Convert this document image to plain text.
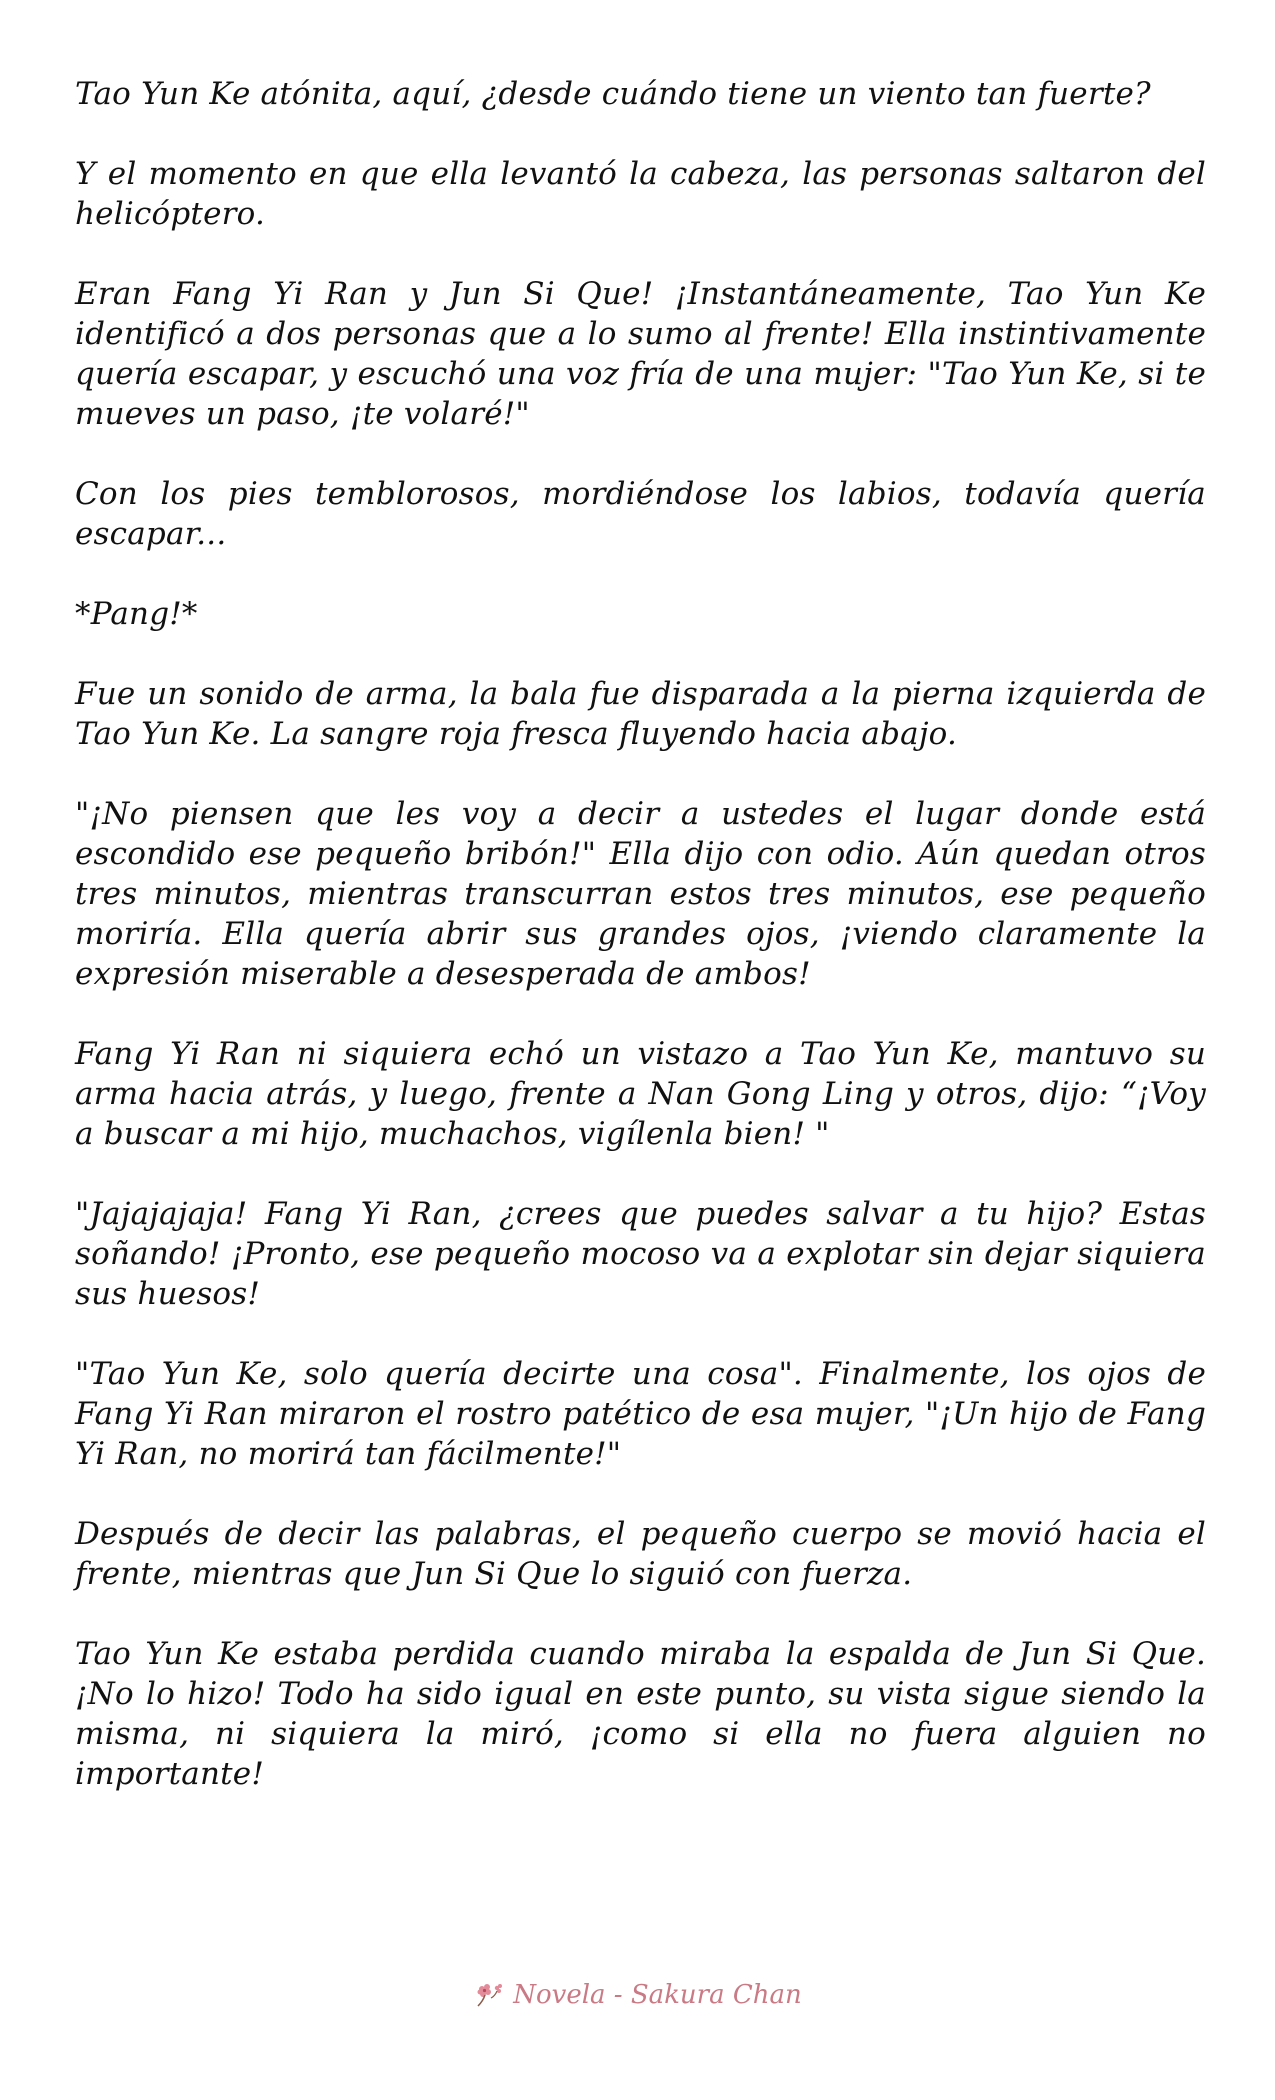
Tao Yun Ke atónita, aquí, ¿desde cuándo tiene un viento tan fuerte?

Y el momento en que ella levantó la cabeza, las personas saltaron del helicóptero.

Eran Fang Yi Ran y Jun Si Que! ¡Instantáneamente, Tao Yun Ke identificó a dos personas que a lo sumo al frente! Ella instintivamente quería escapar, y escuchó una voz fría de una mujer: "Tao Yun Ke, si te mueves un paso, ¡te volaré!"

Con los pies temblorosos, mordiéndose los labios, todavía quería escapar...

*Pang!*

Fue un sonido de arma, la bala fue disparada a la pierna izquierda de Tao Yun Ke. La sangre roja fresca fluyendo hacia abajo.

"¡No piensen que les voy a decir a ustedes el lugar donde está escondido ese pequeño bribón!" Ella dijo con odio. Aún quedan otros tres minutos, mientras transcurran estos tres minutos, ese pequeño moriría. Ella quería abrir sus grandes ojos, ¡viendo claramente la expresión miserable a desesperada de ambos!

Fang Yi Ran ni siquiera echó un vistazo a Tao Yun Ke, mantuvo su arma hacia atrás, y luego, frente a Nan Gong Ling y otros, dijo: “¡Voy a buscar a mi hijo, muchachos, vigílenla bien! "

"Jajajajaja! Fang Yi Ran, ¿crees que puedes salvar a tu hijo? Estas soñando! ¡Pronto, ese pequeño mocoso va a explotar sin dejar siquiera sus huesos!

"Tao Yun Ke, solo quería decirte una cosa". Finalmente, los ojos de Fang Yi Ran miraron el rostro patético de esa mujer, "¡Un hijo de Fang Yi Ran, no morirá tan fácilmente!"

Después de decir las palabras, el pequeño cuerpo se movió hacia el frente, mientras que Jun Si Que lo siguió con fuerza.

Tao Yun Ke estaba perdida cuando miraba la espalda de Jun Si Que. ¡No lo hizo! Todo ha sido igual en este punto, su vista sigue siendo la misma, ni siquiera la miró, ¡como si ella no fuera alguien no importante!

Novela - Sakura Chan
